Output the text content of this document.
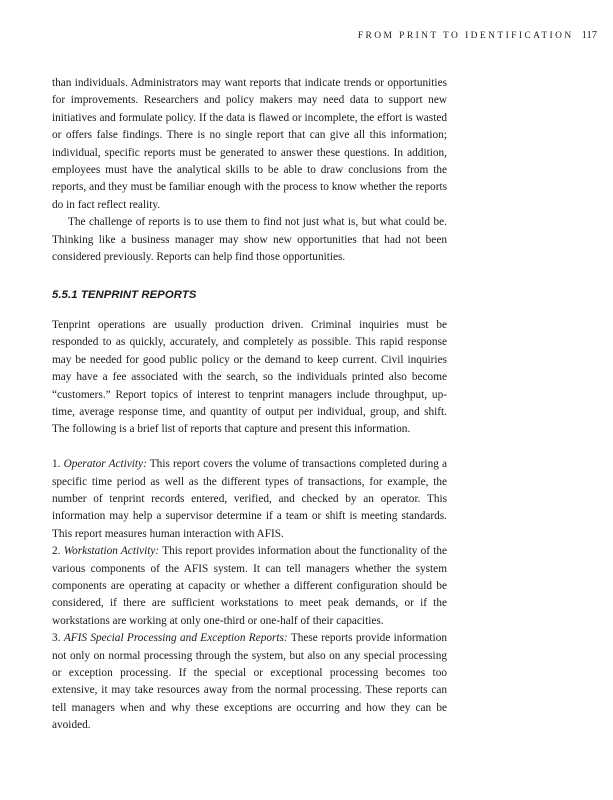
FROM PRINT TO IDENTIFICATION 117

than individuals. Administrators may want reports that indicate trends or opportunities for improvements. Researchers and policy makers may need data to support new initiatives and formulate policy. If the data is flawed or incomplete, the effort is wasted or offers false findings. There is no single report that can give all this information; individual, specific reports must be generated to answer these questions. In addition, employees must have the analytical skills to be able to draw conclusions from the reports, and they must be familiar enough with the process to know whether the reports do in fact reflect reality.

The challenge of reports is to use them to find not just what is, but what could be. Thinking like a business manager may show new opportunities that had not been considered previously. Reports can help find those opportunities.

5.5.1 TENPRINT REPORTS

Tenprint operations are usually production driven. Criminal inquiries must be responded to as quickly, accurately, and completely as possible. This rapid response may be needed for good public policy or the demand to keep current. Civil inquiries may have a fee associated with the search, so the individuals printed also become “customers.” Report topics of interest to tenprint managers include throughput, up-time, average response time, and quantity of output per individual, group, and shift. The following is a brief list of reports that capture and present this information.

1. Operator Activity: This report covers the volume of transactions completed during a specific time period as well as the different types of transactions, for example, the number of tenprint records entered, verified, and checked by an operator. This information may help a supervisor determine if a team or shift is meeting standards. This report measures human interaction with AFIS.

2. Workstation Activity: This report provides information about the functionality of the various components of the AFIS system. It can tell managers whether the system components are operating at capacity or whether a different configuration should be considered, if there are sufficient workstations to meet peak demands, or if the workstations are working at only one-third or one-half of their capacities.

3. AFIS Special Processing and Exception Reports: These reports provide information not only on normal processing through the system, but also on any special processing or exception processing. If the special or exceptional processing becomes too extensive, it may take resources away from the normal processing. These reports can tell managers when and why these exceptions are occurring and how they can be avoided.
